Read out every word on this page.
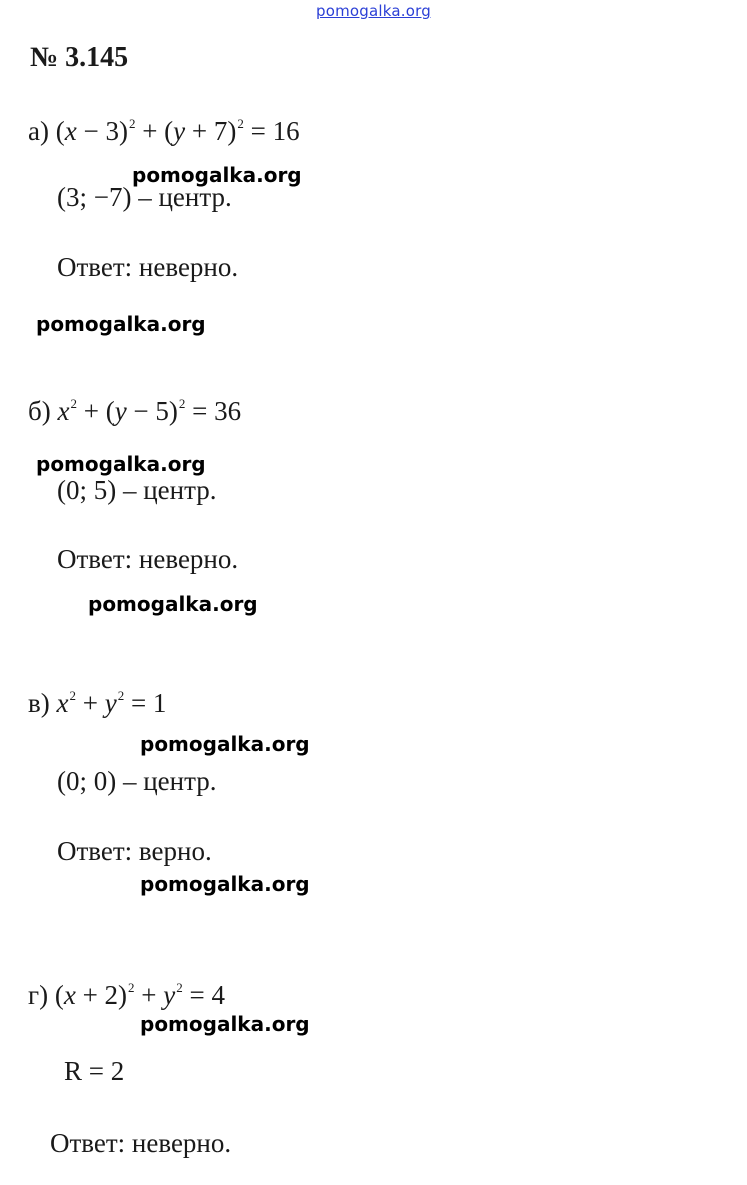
pomogalka.org
№ 3.145
а) $(x - 3)^2 + (y + 7)^2 = 16$
(3; −7) – центр.
pomogalka.org
Ответ: неверно.
pomogalka.org
б) $x^2 + (y - 5)^2 = 36$
(0; 5) – центр.
pomogalka.org
Ответ: неверно.
pomogalka.org
в) $x^2 + y^2 = 1$
pomogalka.org
(0; 0) – центр.
Ответ: верно.
pomogalka.org
г) $(x + 2)^2 + y^2 = 4$
pomogalka.org
R = 2
Ответ: неверно.
